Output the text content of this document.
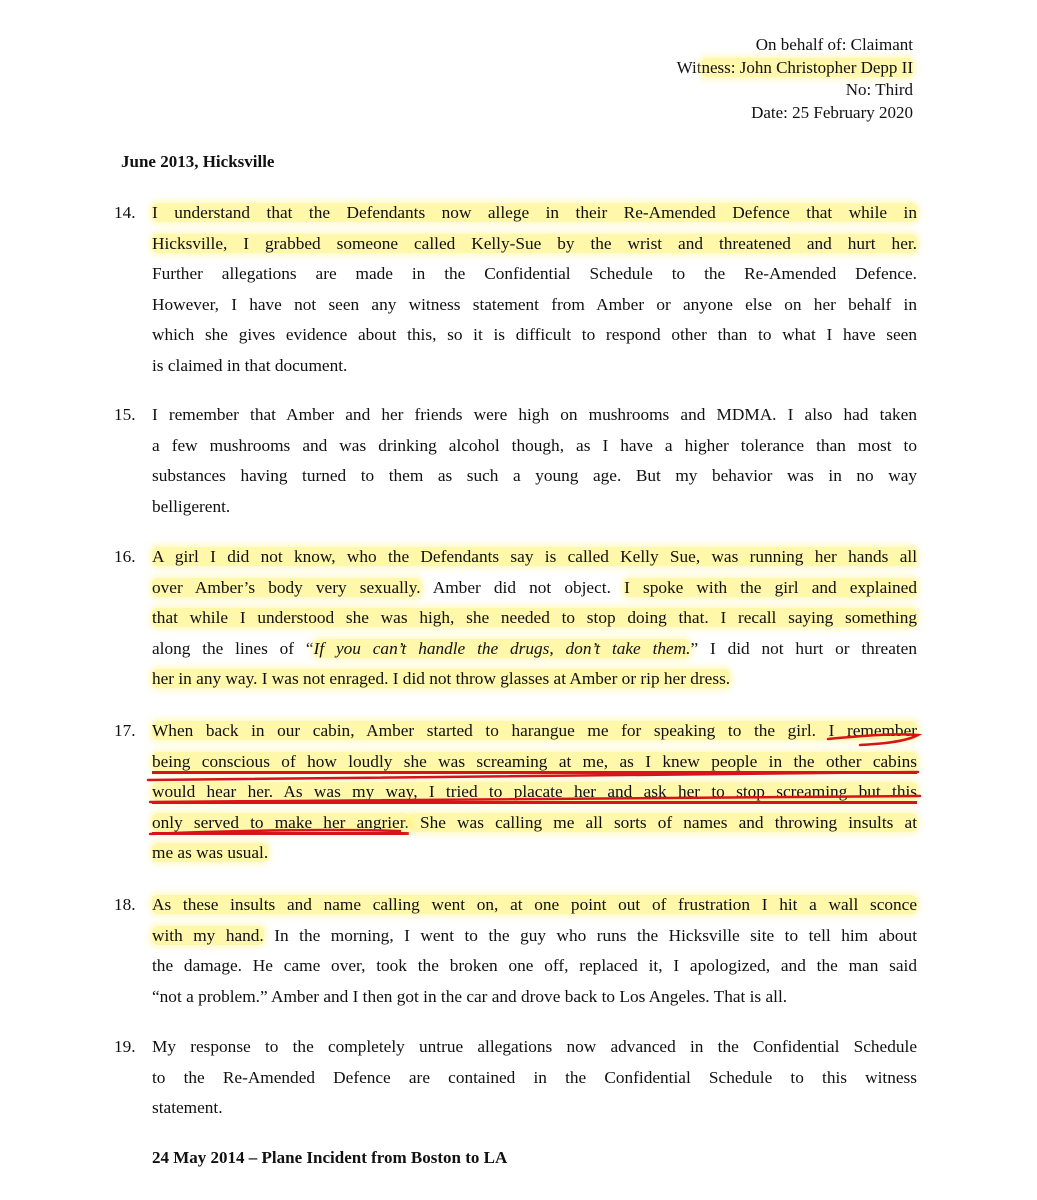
On behalf of: Claimant
Witness: John Christopher Depp II
No: Third
Date: 25 February 2020
June 2013, Hicksville
14. I understand that the Defendants now allege in their Re-Amended Defence that while in
Hicksville, I grabbed someone called Kelly-Sue by the wrist and threatened and hurt her.
Further allegations are made in the Confidential Schedule to the Re-Amended Defence.
However, I have not seen any witness statement from Amber or anyone else on her behalf in
which she gives evidence about this, so it is difficult to respond other than to what I have seen
is claimed in that document.
15. I remember that Amber and her friends were high on mushrooms and MDMA. I also had taken
a few mushrooms and was drinking alcohol though, as I have a higher tolerance than most to
substances having turned to them as such a young age. But my behavior was in no way
belligerent.
16. A girl I did not know, who the Defendants say is called Kelly Sue, was running her hands all
over Amber’s body very sexually. Amber did not object. I spoke with the girl and explained
that while I understood she was high, she needed to stop doing that. I recall saying something
along the lines of “If you can’t handle the drugs, don’t take them.” I did not hurt or threaten
her in any way. I was not enraged. I did not throw glasses at Amber or rip her dress.
17. When back in our cabin, Amber started to harangue me for speaking to the girl. I remember
being conscious of how loudly she was screaming at me, as I knew people in the other cabins
would hear her. As was my way, I tried to placate her and ask her to stop screaming but this
only served to make her angrier. She was calling me all sorts of names and throwing insults at
me as was usual.
18. As these insults and name calling went on, at one point out of frustration I hit a wall sconce
with my hand. In the morning, I went to the guy who runs the Hicksville site to tell him about
the damage. He came over, took the broken one off, replaced it, I apologized, and the man said
“not a problem.” Amber and I then got in the car and drove back to Los Angeles. That is all.
19. My response to the completely untrue allegations now advanced in the Confidential Schedule
to the Re-Amended Defence are contained in the Confidential Schedule to this witness
statement.
24 May 2014 – Plane Incident from Boston to LA
